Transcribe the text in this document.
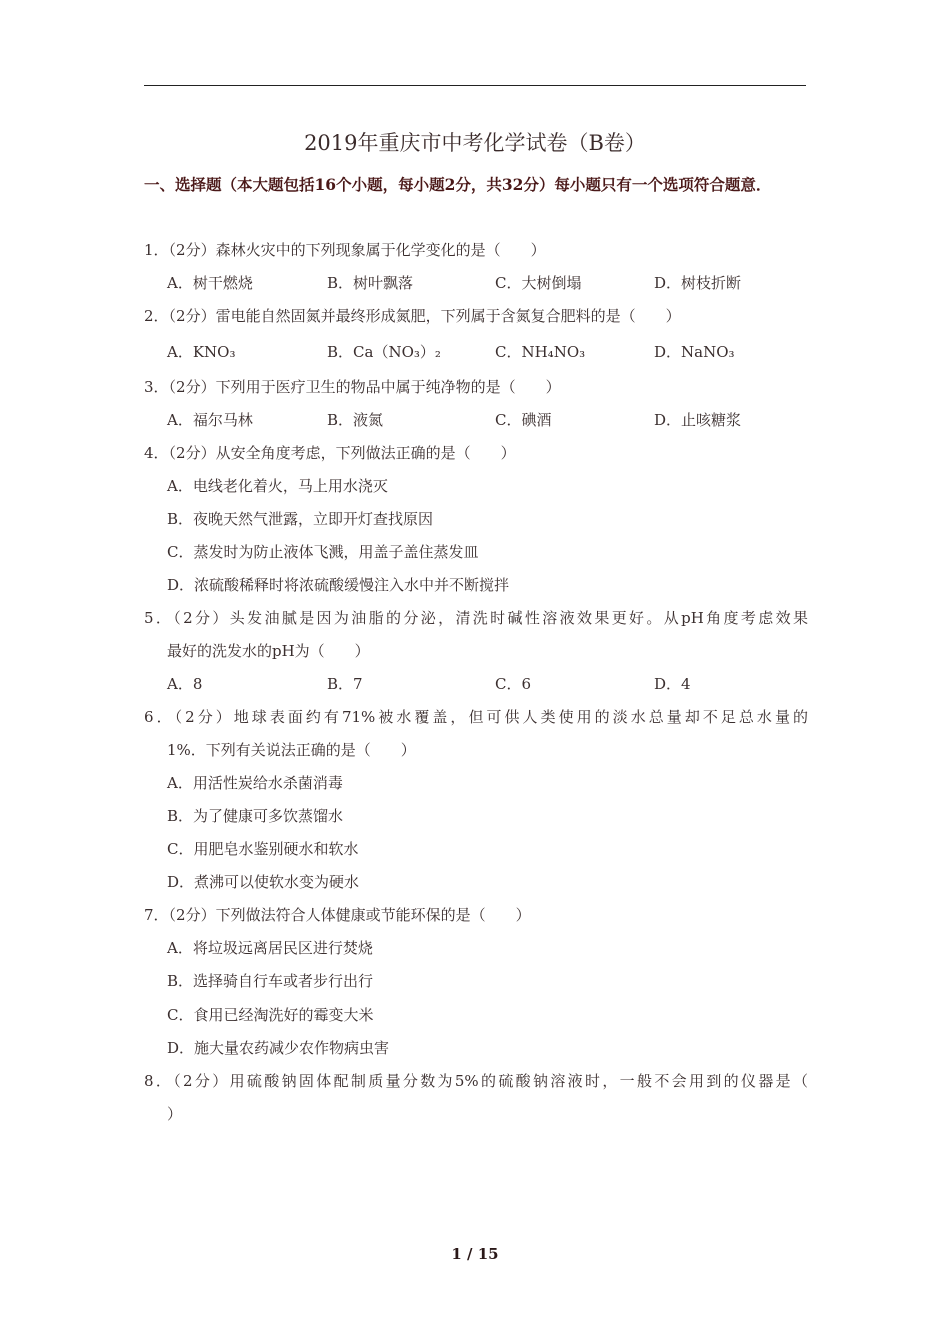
2019年重庆市中考化学试卷（B卷）
一、选择题（本大题包括16个小题，每小题2分，共32分）每小题只有一个选项符合题意．
1．（2分）森林火灾中的下列现象属于化学变化的是（　　）
A．树干燃烧	B．树叶飘落	C．大树倒塌	D．树枝折断
2．（2分）雷电能自然固氮并最终形成氮肥，下列属于含氮复合肥料的是（　　）
A．KNO₃	B．Ca（NO₃）₂	C．NH₄NO₃	D．NaNO₃
3．（2分）下列用于医疗卫生的物品中属于纯净物的是（　　）
A．福尔马林	B．液氮	C．碘酒	D．止咳糖浆
4．（2分）从安全角度考虑，下列做法正确的是（　　）
A．电线老化着火，马上用水浇灭
B．夜晚天然气泄露，立即开灯查找原因
C．蒸发时为防止液体飞溅，用盖子盖住蒸发皿
D．浓硫酸稀释时将浓硫酸缓慢注入水中并不断搅拌
5．（2分）头发油腻是因为油脂的分泌，清洗时碱性溶液效果更好。从pH角度考虑效果
最好的洗发水的pH为（　　）
A．8	B．7	C．6	D．4
6．（2分）地球表面约有71%被水覆盖，但可供人类使用的淡水总量却不足总水量的
1%．下列有关说法正确的是（　　）
A．用活性炭给水杀菌消毒
B．为了健康可多饮蒸馏水
C．用肥皂水鉴别硬水和软水
D．煮沸可以使软水变为硬水
7．（2分）下列做法符合人体健康或节能环保的是（　　）
A．将垃圾远离居民区进行焚烧
B．选择骑自行车或者步行出行
C．食用已经淘洗好的霉变大米
D．施大量农药减少农作物病虫害
8．（2分）用硫酸钠固体配制质量分数为5%的硫酸钠溶液时，一般不会用到的仪器是（
）
1 / 15
